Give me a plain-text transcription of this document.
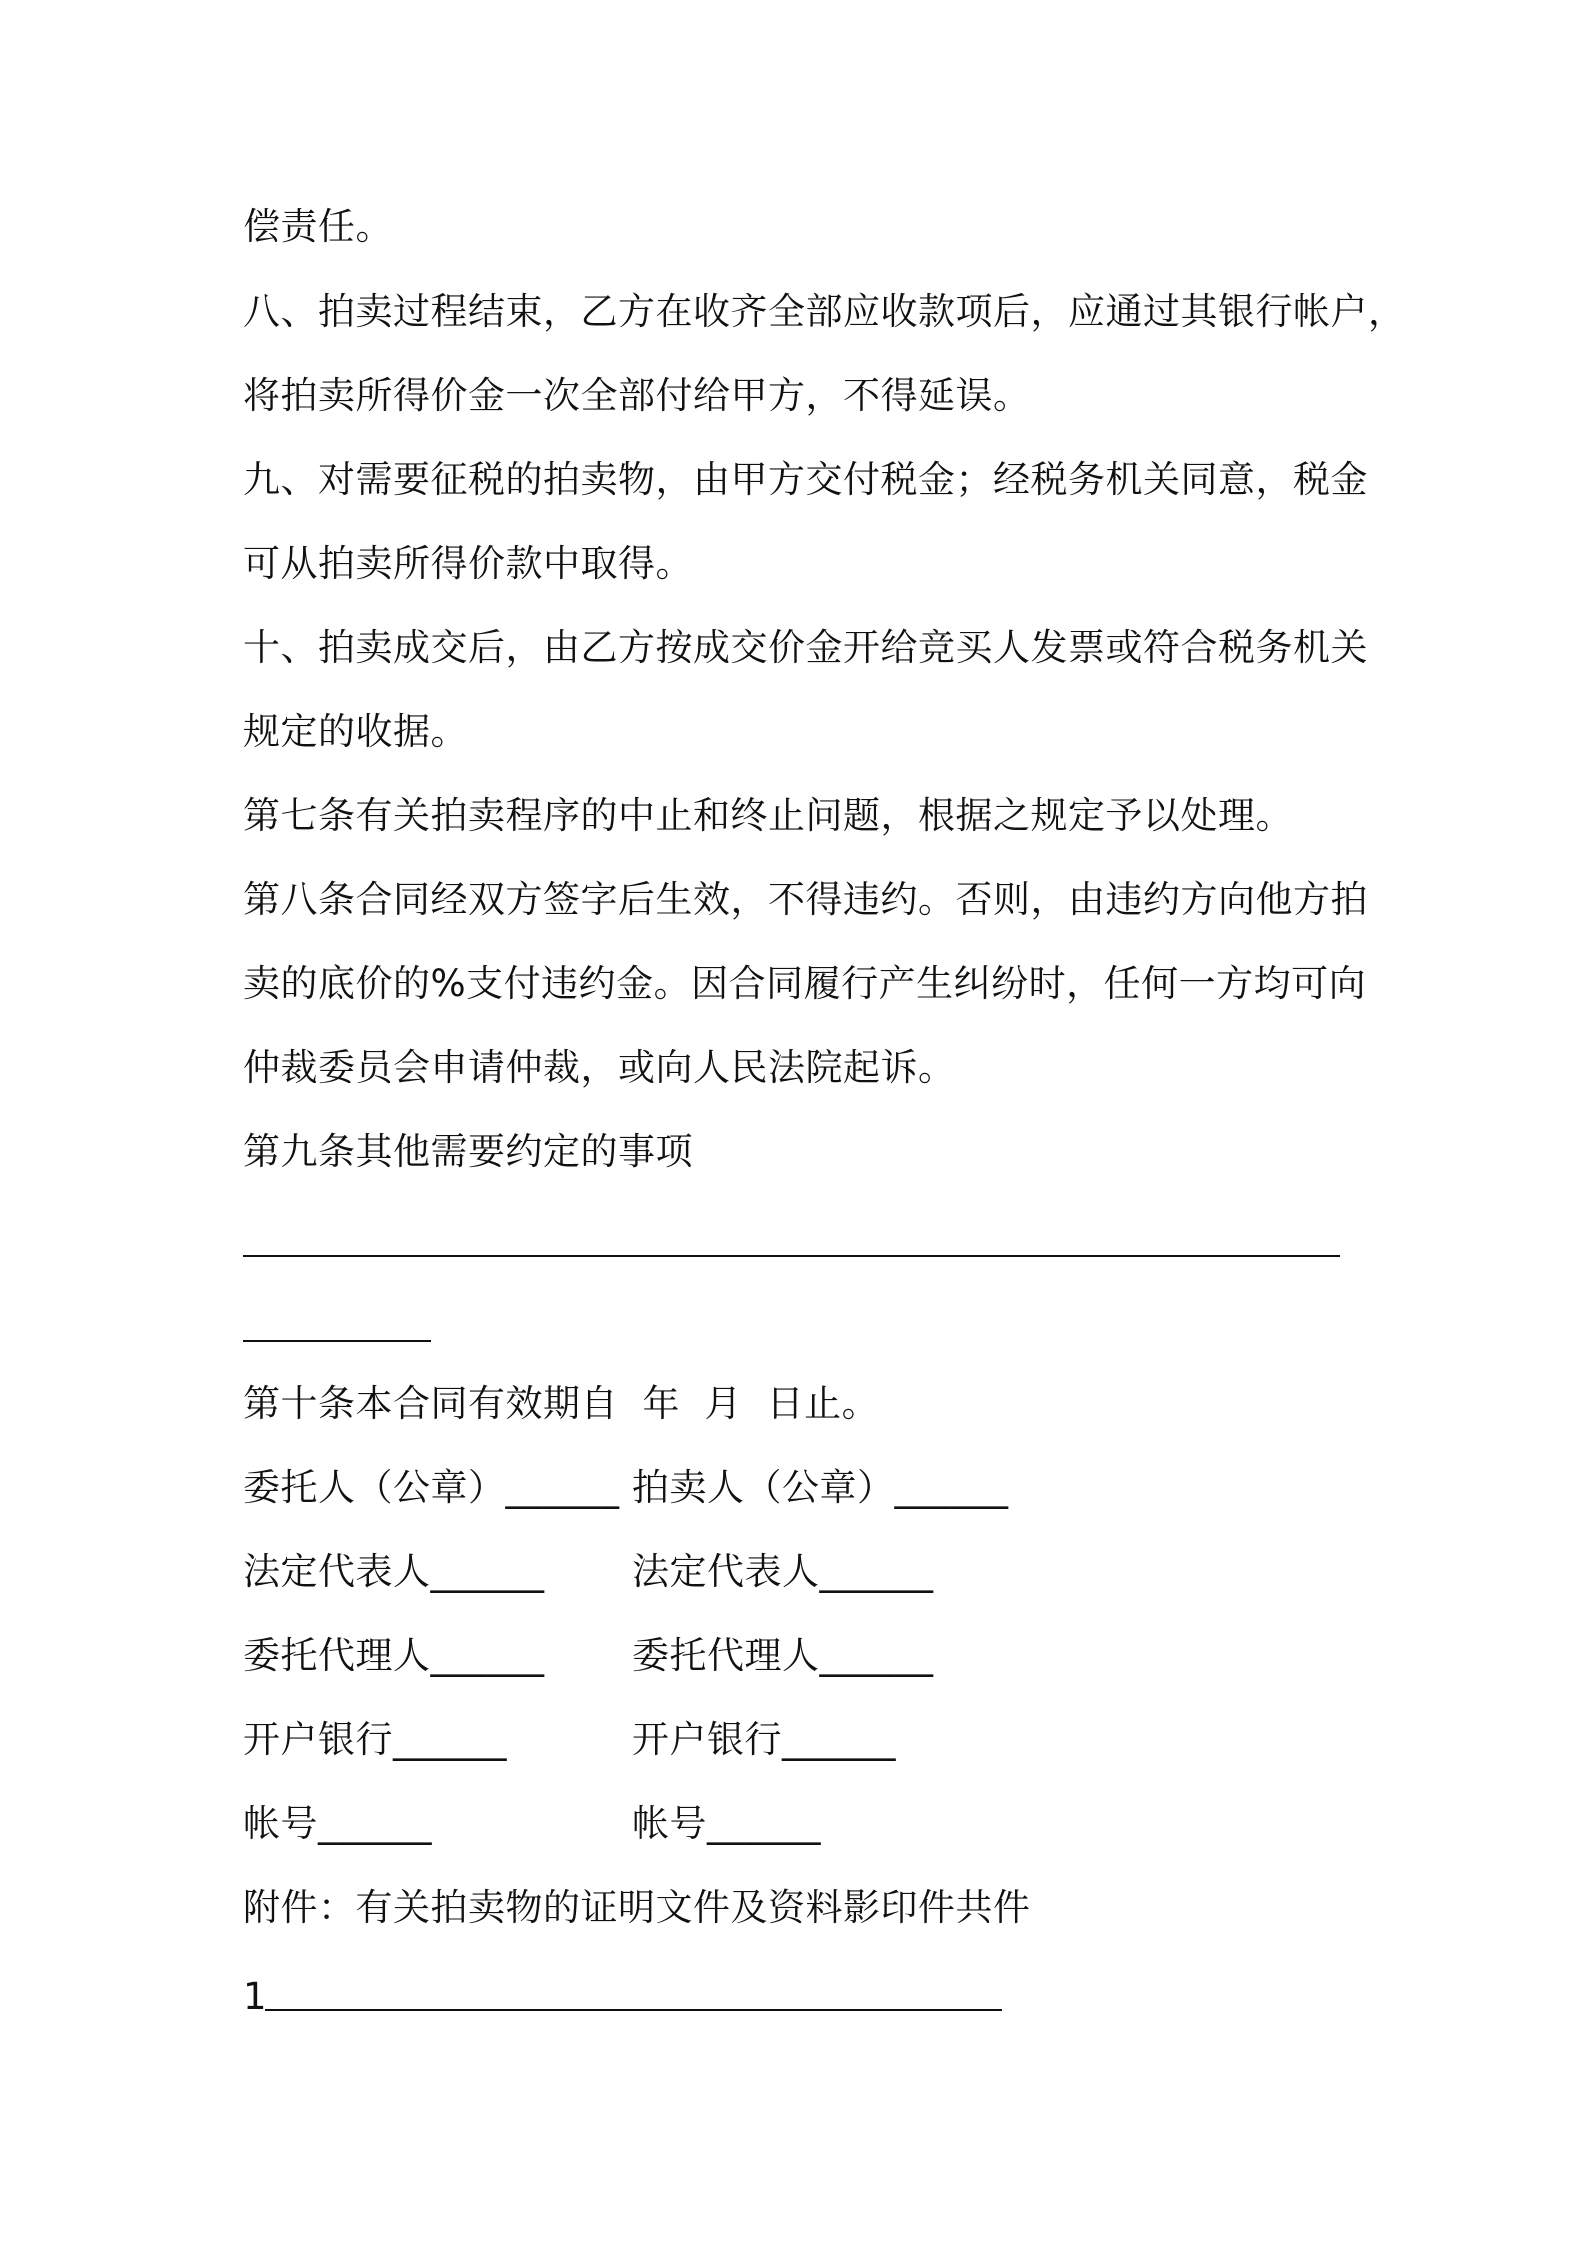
偿责任。
八、拍卖过程结束，乙方在收齐全部应收款项后，应通过其银行帐户，
将拍卖所得价金一次全部付给甲方，不得延误。
九、对需要征税的拍卖物，由甲方交付税金；经税务机关同意，税金
可从拍卖所得价款中取得。
十、拍卖成交后，由乙方按成交价金开给竞买人发票或符合税务机关
规定的收据。
第七条有关拍卖程序的中止和终止问题，根据之规定予以处理。
第八条合同经双方签字后生效，不得违约。否则，由违约方向他方拍
卖的底价的%支付违约金。因合同履行产生纠纷时，任何一方均可向
仲裁委员会申请仲裁，或向人民法院起诉。
第九条其他需要约定的事项
第十条本合同有效期自  年  月  日止。
委托人（公章）______ 拍卖人（公章）______
法定代表人______ 法定代表人______
委托代理人______ 委托代理人______
开户银行______	开户银行______
帐号______	帐号______
附件：有关拍卖物的证明文件及资料影印件共件
1
